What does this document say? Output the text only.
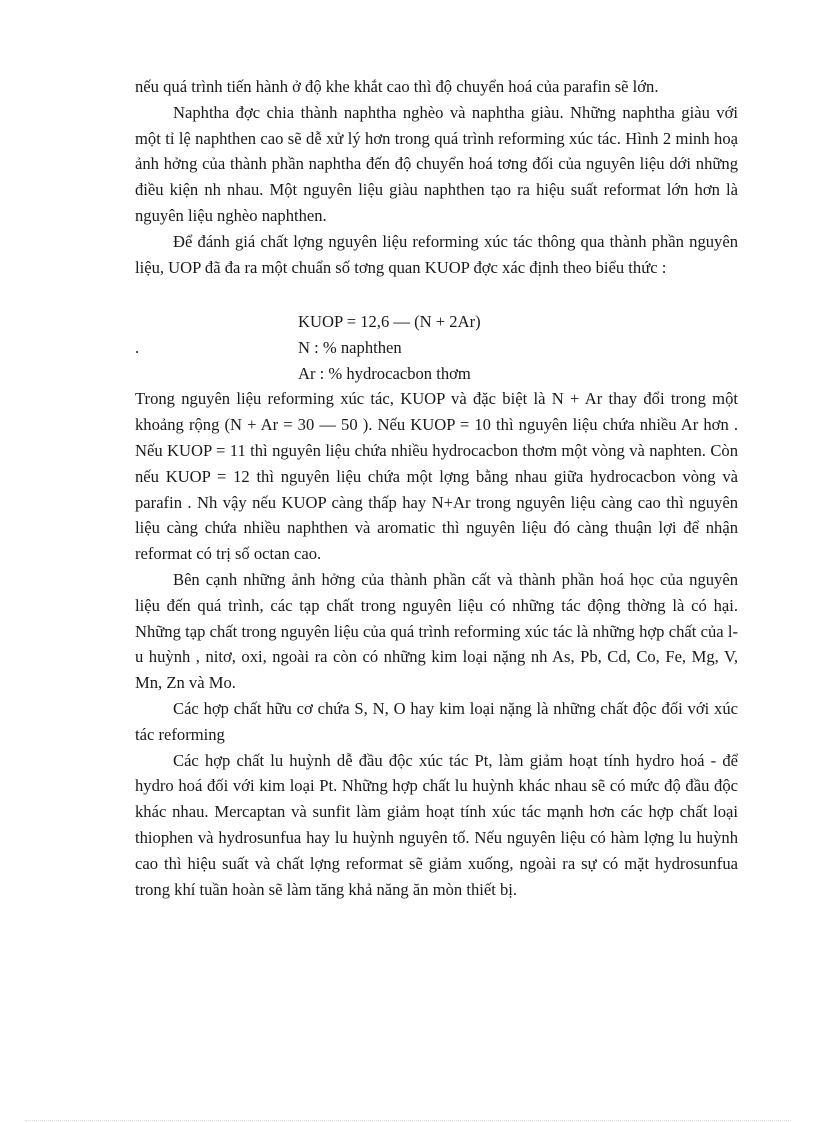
nếu quá trình tiến hành ở độ khe khắt cao thì độ chuyển hoá của parafin sẽ lớn.

Naphtha đợc chia thành naphtha nghèo và naphtha giàu. Những naphtha giàu với một tỉ lệ naphthen cao sẽ dễ xử lý hơn trong quá trình reforming xúc tác. Hình 2 minh hoạ ảnh hởng của thành phần naphtha đến độ chuyển hoá tơng đối của nguyên liệu dới những điều kiện nh nhau. Một nguyên liệu giàu naphthen tạo ra hiệu suất reformat lớn hơn là nguyên liệu nghèo naphthen.

Để đánh giá chất lợng nguyên liệu reforming xúc tác thông qua thành phần nguyên liệu, UOP đã đa ra một chuẩn số tơng quan KUOP đợc xác định theo biểu thức :

.
KUOP = 12,6 — (N + 2Ar)
N : % naphthen
Ar : % hydrocacbon thơm

Trong nguyên liệu reforming xúc tác, KUOP và đặc biệt là N + Ar thay đổi trong một khoảng rộng (N + Ar = 30 — 50 ). Nếu KUOP = 10 thì nguyên liệu chứa nhiều Ar hơn . Nếu KUOP = 11 thì nguyên liệu chứa nhiều hydrocacbon thơm một vòng và naphten. Còn nếu KUOP = 12 thì nguyên liệu chứa một lợng bằng nhau giữa hydrocacbon vòng và parafin . Nh vậy nếu KUOP càng thấp hay N+Ar trong nguyên liệu càng cao thì nguyên liệu càng chứa nhiều naphthen và aromatic thì nguyên liệu đó càng thuận lợi để nhận reformat có trị số octan cao.

Bên cạnh những ảnh hởng của thành phần cất và thành phần hoá học của nguyên liệu đến quá trình, các tạp chất trong nguyên liệu có những tác động thờng là có hại. Những tạp chất trong nguyên liệu của quá trình reforming xúc tác là những hợp chất của lu huỳnh , nitơ, oxi, ngoài ra còn có những kim loại nặng nh As, Pb, Cd, Co, Fe, Mg, V, Mn, Zn và Mo.

Các hợp chất hữu cơ chứa S, N, O hay kim loại nặng là những chất độc đối với xúc tác reforming

Các hợp chất lu huỳnh dễ đầu độc xúc tác Pt, làm giảm hoạt tính hydro hoá - để hydro hoá đối với kim loại Pt. Những hợp chất lu huỳnh khác nhau sẽ có mức độ đầu độc khác nhau. Mercaptan và sunfit làm giảm hoạt tính xúc tác mạnh hơn các hợp chất loại thiophen và hydrosunfua hay lu huỳnh nguyên tố. Nếu nguyên liệu có hàm lợng lu huỳnh cao thì hiệu suất và chất lợng reformat sẽ giảm xuống, ngoài ra sự có mặt hydrosunfua trong khí tuần hoàn sẽ làm tăng khả năng ăn mòn thiết bị.
